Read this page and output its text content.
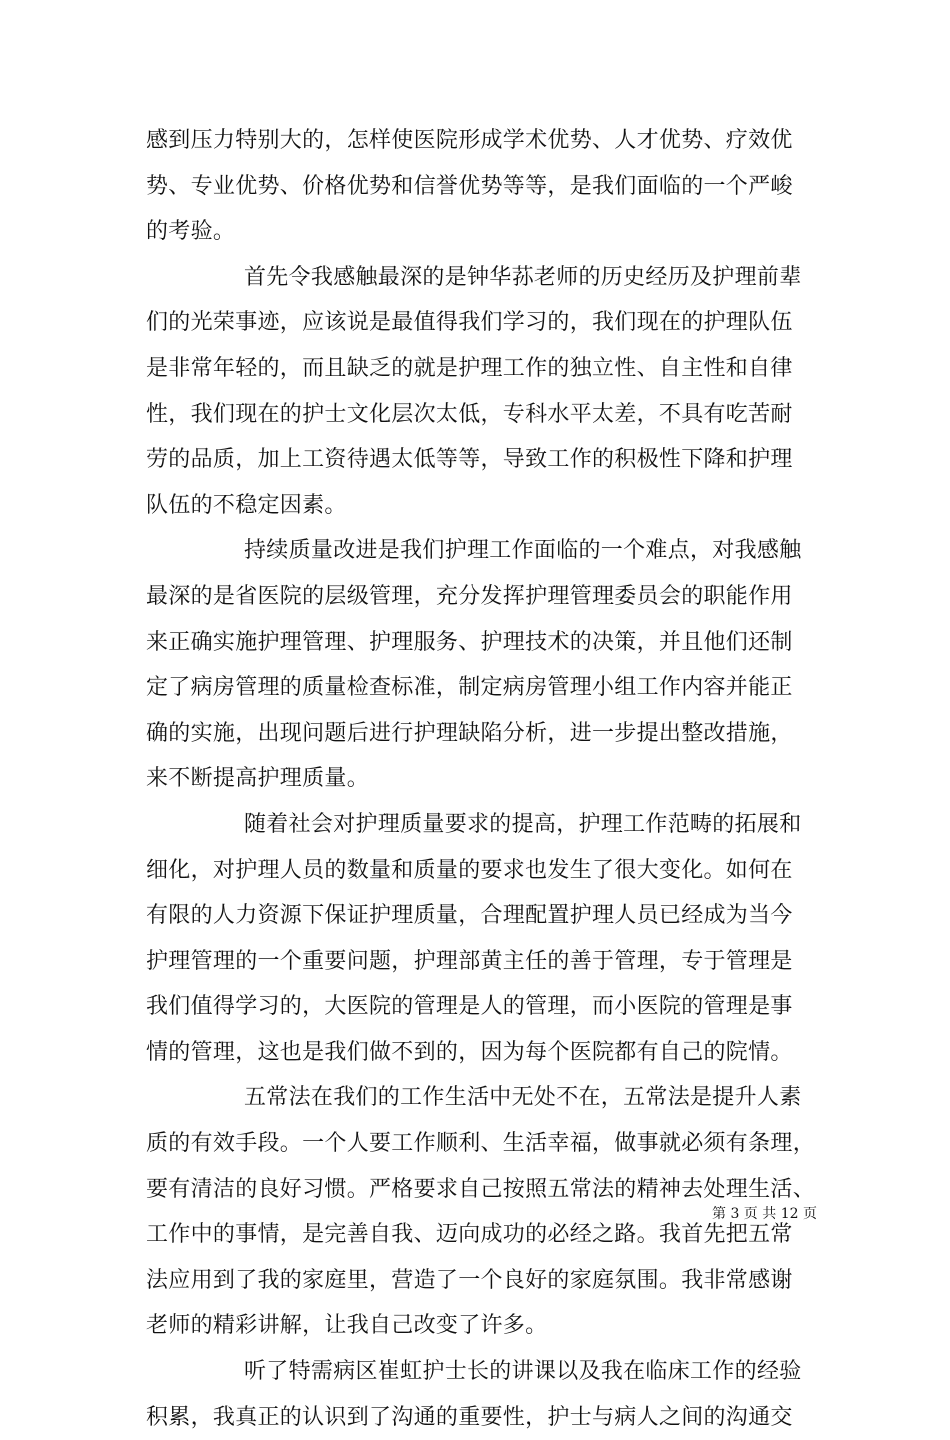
感到压力特别大的，怎样使医院形成学术优势、人才优势、疗效优
势、专业优势、价格优势和信誉优势等等，是我们面临的一个严峻
的考验。
首先令我感触最深的是钟华荪老师的历史经历及护理前辈
们的光荣事迹，应该说是最值得我们学习的，我们现在的护理队伍
是非常年轻的，而且缺乏的就是护理工作的独立性、自主性和自律
性，我们现在的护士文化层次太低，专科水平太差，不具有吃苦耐
劳的品质，加上工资待遇太低等等，导致工作的积极性下降和护理
队伍的不稳定因素。
持续质量改进是我们护理工作面临的一个难点，对我感触
最深的是省医院的层级管理，充分发挥护理管理委员会的职能作用
来正确实施护理管理、护理服务、护理技术的决策，并且他们还制
定了病房管理的质量检查标准，制定病房管理小组工作内容并能正
确的实施，出现问题后进行护理缺陷分析，进一步提出整改措施，
来不断提高护理质量。
随着社会对护理质量要求的提高，护理工作范畴的拓展和
细化，对护理人员的数量和质量的要求也发生了很大变化。如何在
有限的人力资源下保证护理质量，合理配置护理人员已经成为当今
护理管理的一个重要问题，护理部黄主任的善于管理，专于管理是
我们值得学习的，大医院的管理是人的管理，而小医院的管理是事
情的管理，这也是我们做不到的，因为每个医院都有自己的院情。
五常法在我们的工作生活中无处不在，五常法是提升人素
质的有效手段。一个人要工作顺利、生活幸福，做事就必须有条理，
要有清洁的良好习惯。严格要求自己按照五常法的精神去处理生活、
工作中的事情，是完善自我、迈向成功的必经之路。我首先把五常
法应用到了我的家庭里，营造了一个良好的家庭氛围。我非常感谢
老师的精彩讲解，让我自己改变了许多。
听了特需病区崔虹护士长的讲课以及我在临床工作的经验
积累，我真正的认识到了沟通的重要性，护士与病人之间的沟通交
第 3 页 共 12 页
